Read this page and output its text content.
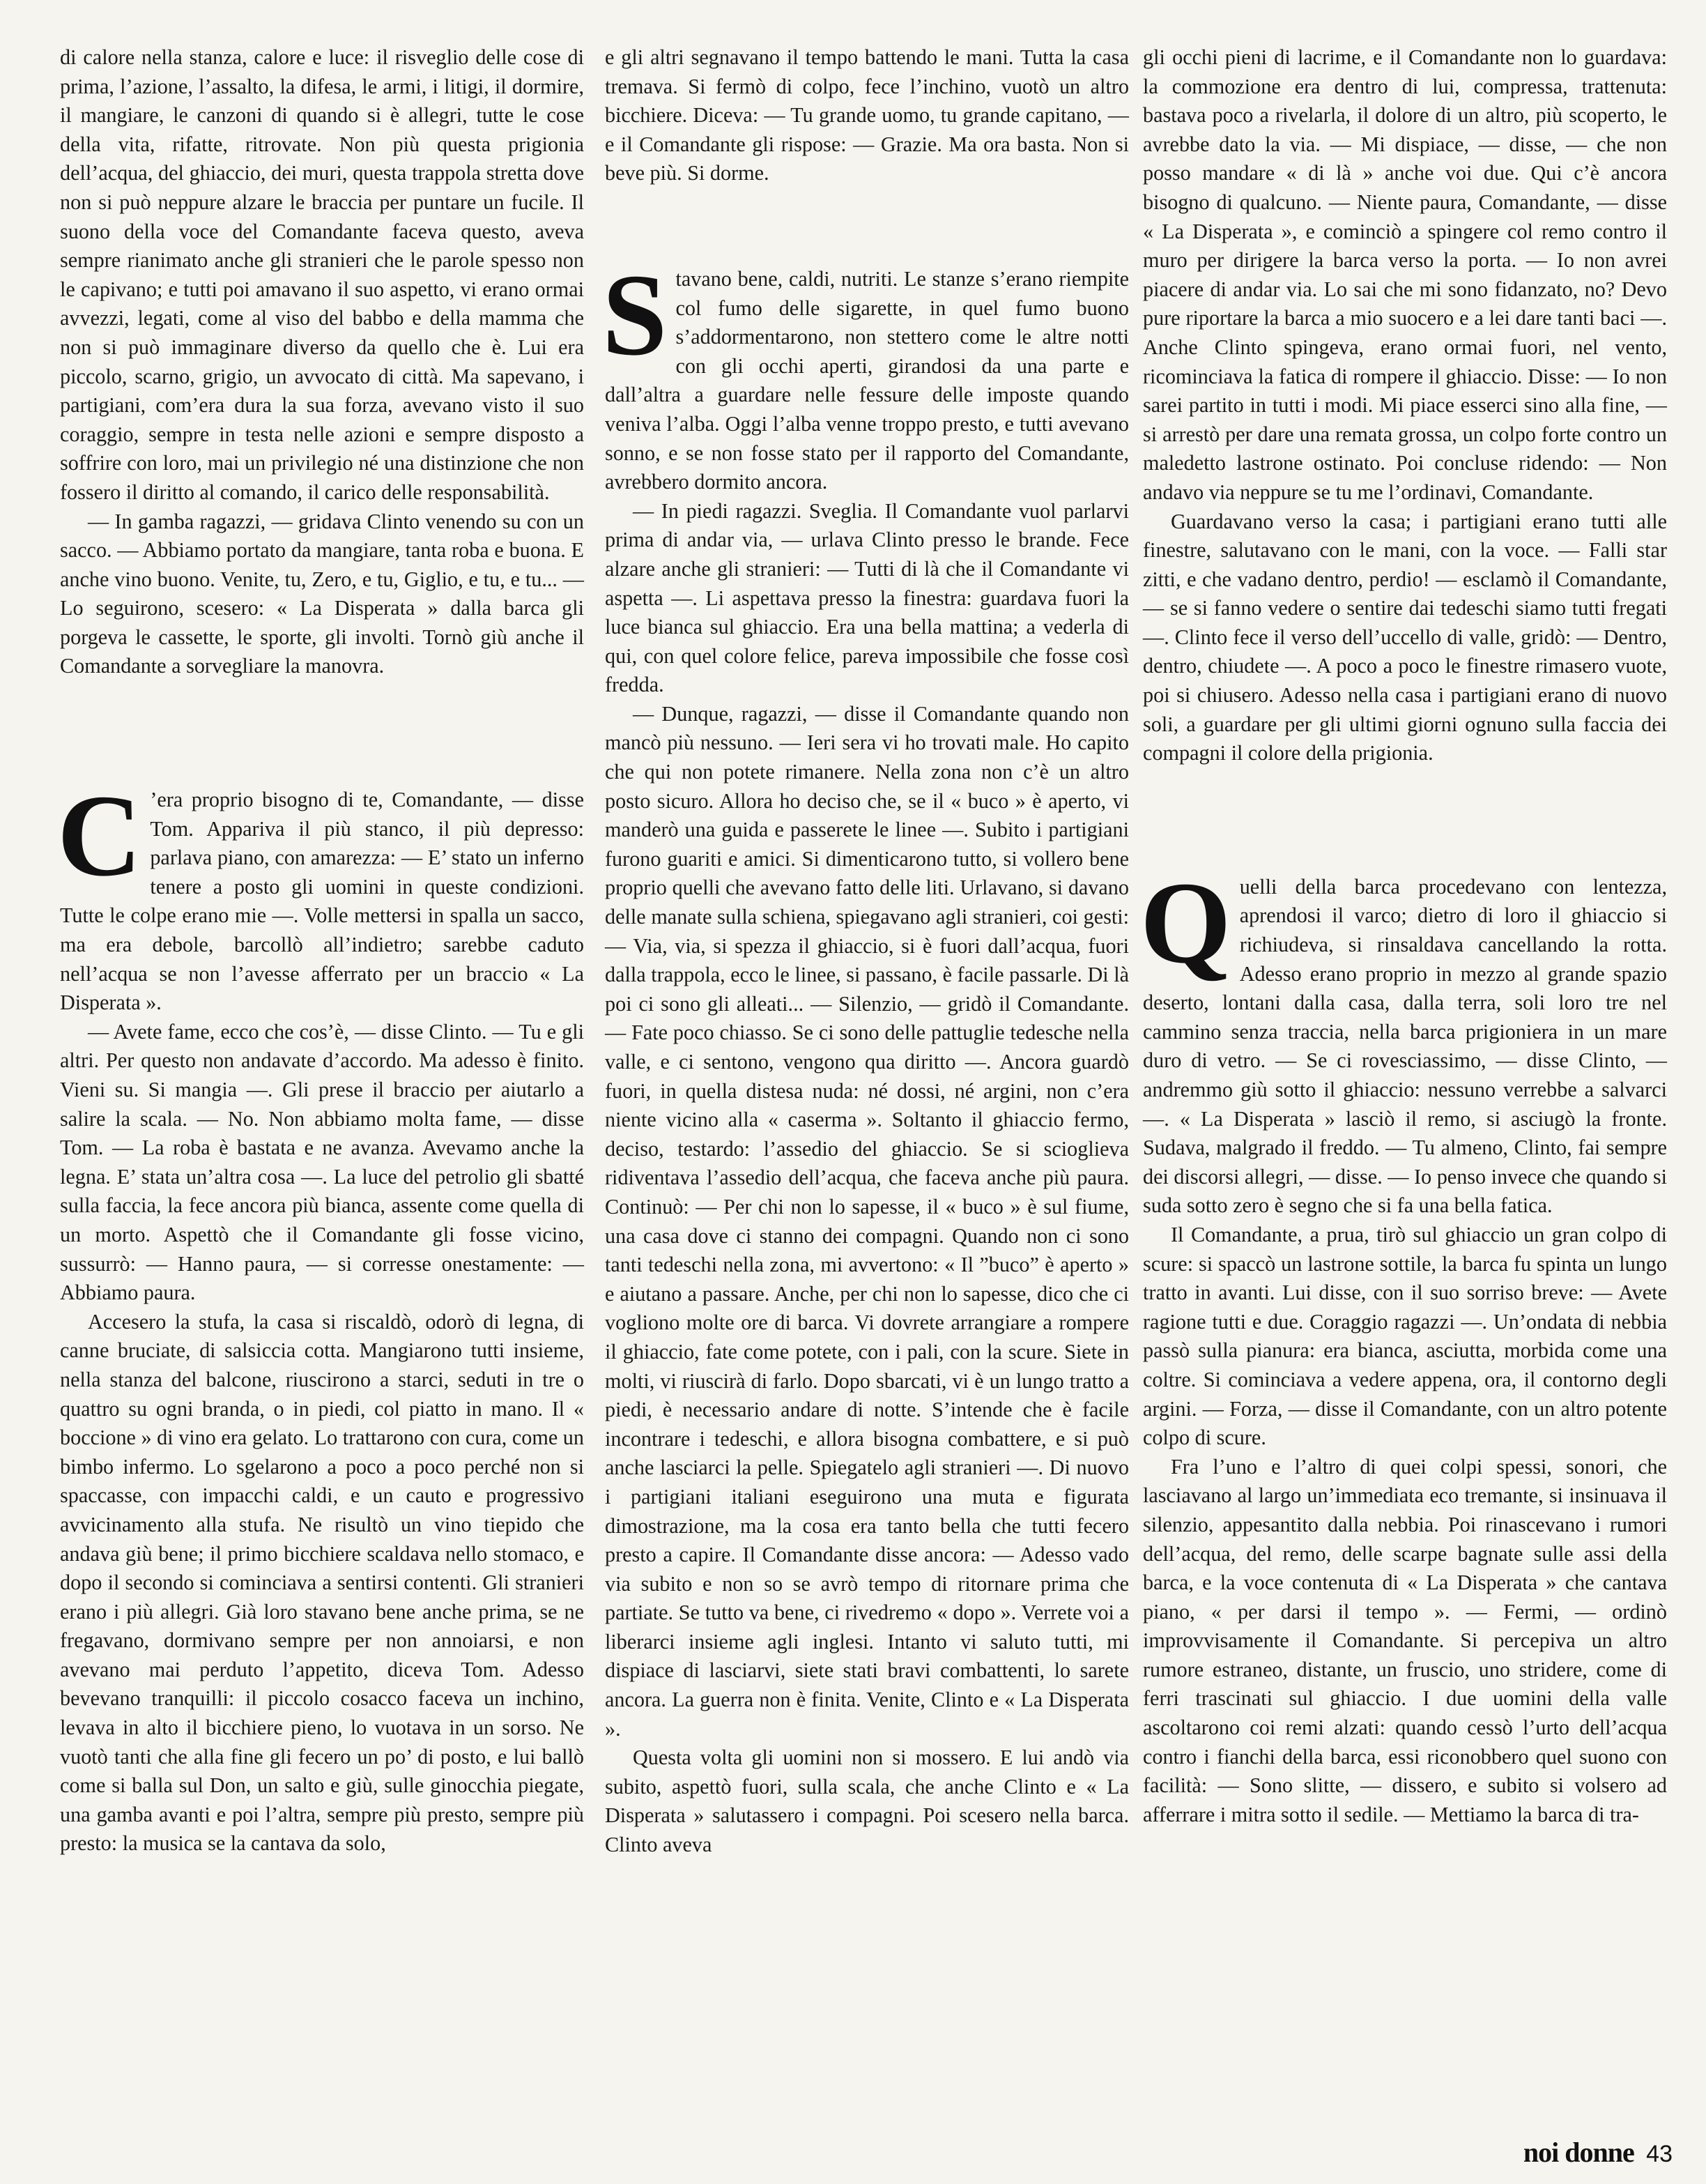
di calore nella stanza, calore e luce: il risveglio delle cose di prima, l’azione, l’assalto, la difesa, le armi, i litigi, il dormire, il mangiare, le canzoni di quando si è allegri, tutte le cose della vita, rifatte, ritrovate. Non più questa prigionia dell’acqua, del ghiaccio, dei muri, questa trappola stretta dove non si può neppure alzare le braccia per puntare un fucile. Il suono della voce del Comandante faceva questo, aveva sempre rianimato anche gli stranieri che le parole spesso non le capivano; e tutti poi amavano il suo aspetto, vi erano ormai avvezzi, legati, come al viso del babbo e della mamma che non si può immaginare diverso da quello che è. Lui era piccolo, scarno, grigio, un avvocato di città. Ma sapevano, i partigiani, com’era dura la sua forza, avevano visto il suo coraggio, sempre in testa nelle azioni e sempre disposto a soffrire con loro, mai un privilegio né una distinzione che non fossero il diritto al comando, il carico delle responsabilità.

— In gamba ragazzi, — gridava Clinto venendo su con un sacco. — Abbiamo portato da mangiare, tanta roba e buona. E anche vino buono. Venite, tu, Zero, e tu, Giglio, e tu, e tu... — Lo seguirono, scesero: « La Disperata » dalla barca gli porgeva le cassette, le sporte, gli involti. Tornò giù anche il Comandante a sorvegliare la manovra.

C ’era proprio bisogno di te, Comandante, — disse Tom. Appariva il più stanco, il più depresso: parlava piano, con amarezza: — E’ stato un inferno tenere a posto gli uomini in queste condizioni. Tutte le colpe erano mie —. Volle mettersi in spalla un sacco, ma era debole, barcollò all’indietro; sarebbe caduto nell’acqua se non l’avesse afferrato per un braccio « La Disperata ».

— Avete fame, ecco che cos’è, — disse Clinto. — Tu e gli altri. Per questo non andavate d’accordo. Ma adesso è finito. Vieni su. Si mangia —. Gli prese il braccio per aiutarlo a salire la scala. — No. Non abbiamo molta fame, — disse Tom. — La roba è bastata e ne avanza. Avevamo anche la legna. E’ stata un’altra cosa —. La luce del petrolio gli sbatté sulla faccia, la fece ancora più bianca, assente come quella di un morto. Aspettò che il Comandante gli fosse vicino, sussurrò: — Hanno paura, — si corresse onestamente: — Abbiamo paura.

Accesero la stufa, la casa si riscaldò, odorò di legna, di canne bruciate, di salsiccia cotta. Mangiarono tutti insieme, nella stanza del balcone, riuscirono a starci, seduti in tre o quattro su ogni branda, o in piedi, col piatto in mano. Il « boccione » di vino era gelato. Lo trattarono con cura, come un bimbo infermo. Lo sgelarono a poco a poco perché non si spaccasse, con impacchi caldi, e un cauto e progressivo avvicinamento alla stufa. Ne risultò un vino tiepido che andava giù bene; il primo bicchiere scaldava nello stomaco, e dopo il secondo si cominciava a sentirsi contenti. Gli stranieri erano i più allegri. Già loro stavano bene anche prima, se ne fregavano, dormivano sempre per non annoiarsi, e non avevano mai perduto l’appetito, diceva Tom. Adesso bevevano tranquilli: il piccolo cosacco faceva un inchino, levava in alto il bicchiere pieno, lo vuotava in un sorso. Ne vuotò tanti che alla fine gli fecero un po’ di posto, e lui ballò come si balla sul Don, un salto e giù, sulle ginocchia piegate, una gamba avanti e poi l’altra, sempre più presto, sempre più presto: la musica se la cantava da solo,

e gli altri segnavano il tempo battendo le mani. Tutta la casa tremava. Si fermò di colpo, fece l’inchino, vuotò un altro bicchiere. Diceva: — Tu grande uomo, tu grande capitano, — e il Comandante gli rispose: — Grazie. Ma ora basta. Non si beve più. Si dorme.

Stavano bene, caldi, nutriti. Le stanze s’erano riempite col fumo delle sigarette, in quel fumo buono s’addormentarono, non stettero come le altre notti con gli occhi aperti, girandosi da una parte e dall’altra a guardare nelle fessure delle imposte quando veniva l’alba. Oggi l’alba venne troppo presto, e tutti avevano sonno, e se non fosse stato per il rapporto del Comandante, avrebbero dormito ancora.

— In piedi ragazzi. Sveglia. Il Comandante vuol parlarvi prima di andar via, — urlava Clinto presso le brande. Fece alzare anche gli stranieri: — Tutti di là che il Comandante vi aspetta —. Li aspettava presso la finestra: guardava fuori la luce bianca sul ghiaccio. Era una bella mattina; a vederla di qui, con quel colore felice, pareva impossibile che fosse così fredda.

— Dunque, ragazzi, — disse il Comandante quando non mancò più nessuno. — Ieri sera vi ho trovati male. Ho capito che qui non potete rimanere. Nella zona non c’è un altro posto sicuro. Allora ho deciso che, se il « buco » è aperto, vi manderò una guida e passerete le linee —. Subito i partigiani furono guariti e amici. Si dimenticarono tutto, si vollero bene proprio quelli che avevano fatto delle liti. Urlavano, si davano delle manate sulla schiena, spiegavano agli stranieri, coi gesti: — Via, via, si spezza il ghiaccio, si è fuori dall’acqua, fuori dalla trappola, ecco le linee, si passano, è facile passarle. Di là poi ci sono gli alleati... — Silenzio, — gridò il Comandante. — Fate poco chiasso. Se ci sono delle pattuglie tedesche nella valle, e ci sentono, vengono qua diritto —. Ancora guardò fuori, in quella distesa nuda: né dossi, né argini, non c’era niente vicino alla « caserma ». Soltanto il ghiaccio fermo, deciso, testardo: l’assedio del ghiaccio. Se si scioglieva ridiventava l’assedio dell’acqua, che faceva anche più paura. Continuò: — Per chi non lo sapesse, il « buco » è sul fiume, una casa dove ci stanno dei compagni. Quando non ci sono tanti tedeschi nella zona, mi avvertono: « Il ”buco” è aperto » e aiutano a passare. Anche, per chi non lo sapesse, dico che ci vogliono molte ore di barca. Vi dovrete arrangiare a rompere il ghiaccio, fate come potete, con i pali, con la scure. Siete in molti, vi riuscirà di farlo. Dopo sbarcati, vi è un lungo tratto a piedi, è necessario andare di notte. S’intende che è facile incontrare i tedeschi, e allora bisogna combattere, e si può anche lasciarci la pelle. Spiegatelo agli stranieri —. Di nuovo i partigiani italiani eseguirono una muta e figurata dimostrazione, ma la cosa era tanto bella che tutti fecero presto a capire. Il Comandante disse ancora: — Adesso vado via subito e non so se avrò tempo di ritornare prima che partiate. Se tutto va bene, ci rivedremo « dopo ». Verrete voi a liberarci insieme agli inglesi. Intanto vi saluto tutti, mi dispiace di lasciarvi, siete stati bravi combattenti, lo sarete ancora. La guerra non è finita. Venite, Clinto e « La Disperata ».

Questa volta gli uomini non si mossero. E lui andò via subito, aspettò fuori, sulla scala, che anche Clinto e « La Disperata » salutassero i compagni. Poi scesero nella barca. Clinto aveva

gli occhi pieni di lacrime, e il Comandante non lo guardava: la commozione era dentro di lui, compressa, trattenuta: bastava poco a rivelarla, il dolore di un altro, più scoperto, le avrebbe dato la via. — Mi dispiace, — disse, — che non posso mandare « di là » anche voi due. Qui c’è ancora bisogno di qualcuno. — Niente paura, Comandante, — disse « La Disperata », e cominciò a spingere col remo contro il muro per dirigere la barca verso la porta. — Io non avrei piacere di andar via. Lo sai che mi sono fidanzato, no? Devo pure riportare la barca a mio suocero e a lei dare tanti baci —. Anche Clinto spingeva, erano ormai fuori, nel vento, ricominciava la fatica di rompere il ghiaccio. Disse: — Io non sarei partito in tutti i modi. Mi piace esserci sino alla fine, — si arrestò per dare una remata grossa, un colpo forte contro un maledetto lastrone ostinato. Poi concluse ridendo: — Non andavo via neppure se tu me l’ordinavi, Comandante.

Guardavano verso la casa; i partigiani erano tutti alle finestre, salutavano con le mani, con la voce. — Falli star zitti, e che vadano dentro, perdio! — esclamò il Comandante, — se si fanno vedere o sentire dai tedeschi siamo tutti fregati —. Clinto fece il verso dell’uccello di valle, gridò: — Dentro, dentro, chiudete —. A poco a poco le finestre rimasero vuote, poi si chiusero. Adesso nella casa i partigiani erano di nuovo soli, a guardare per gli ultimi giorni ognuno sulla faccia dei compagni il colore della prigionia.

Quelli della barca procedevano con lentezza, aprendosi il varco; dietro di loro il ghiaccio si richiudeva, si rinsaldava cancellando la rotta. Adesso erano proprio in mezzo al grande spazio deserto, lontani dalla casa, dalla terra, soli loro tre nel cammino senza traccia, nella barca prigioniera in un mare duro di vetro. — Se ci rovesciassimo, — disse Clinto, — andremmo giù sotto il ghiaccio: nessuno verrebbe a salvarci —. « La Disperata » lasciò il remo, si asciugò la fronte. Sudava, malgrado il freddo. — Tu almeno, Clinto, fai sempre dei discorsi allegri, — disse. — Io penso invece che quando si suda sotto zero è segno che si fa una bella fatica.

Il Comandante, a prua, tirò sul ghiaccio un gran colpo di scure: si spaccò un lastrone sottile, la barca fu spinta un lungo tratto in avanti. Lui disse, con il suo sorriso breve: — Avete ragione tutti e due. Coraggio ragazzi —. Un’ondata di nebbia passò sulla pianura: era bianca, asciutta, morbida come una coltre. Si cominciava a vedere appena, ora, il contorno degli argini. — Forza, — disse il Comandante, con un altro potente colpo di scure.

Fra l’uno e l’altro di quei colpi spessi, sonori, che lasciavano al largo un’immediata eco tremante, si insinuava il silenzio, appesantito dalla nebbia. Poi rinascevano i rumori dell’acqua, del remo, delle scarpe bagnate sulle assi della barca, e la voce contenuta di « La Disperata » che cantava piano, « per darsi il tempo ». — Fermi, — ordinò improvvisamente il Comandante. Si percepiva un altro rumore estraneo, distante, un fruscio, uno stridere, come di ferri trascinati sul ghiaccio. I due uomini della valle ascoltarono coi remi alzati: quando cessò l’urto dell’acqua contro i fianchi della barca, essi riconobbero quel suono con facilità: — Sono slitte, — dissero, e subito si volsero ad afferrare i mitra sotto il sedile. — Mettiamo la barca di tra-

noi donne 43
